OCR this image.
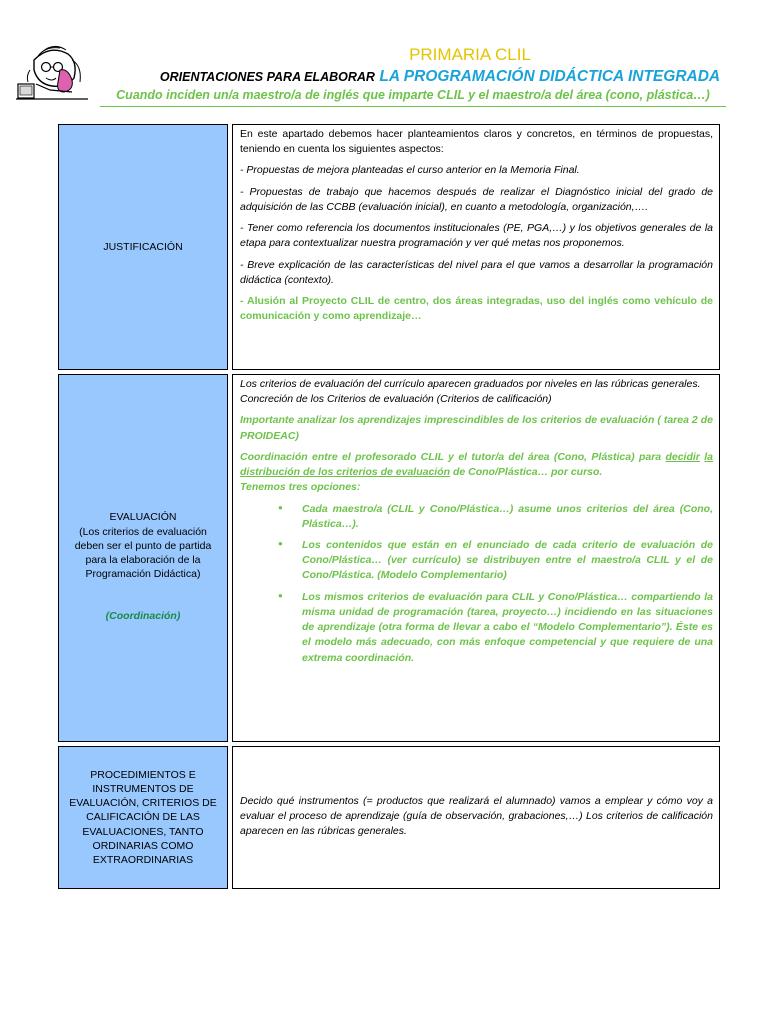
PRIMARIA CLIL
ORIENTACIONES PARA ELABORAR LA PROGRAMACIÓN DIDÁCTICA INTEGRADA
Cuando inciden un/a maestro/a de inglés que imparte CLIL y el maestro/a del área (cono, plástica…)
JUSTIFICACIÓN

En este apartado debemos hacer planteamientos claros y concretos, en términos de propuestas, teniendo en cuenta los siguientes aspectos:

- Propuestas de mejora planteadas el curso anterior en la Memoria Final.

- Propuestas de trabajo que hacemos después de realizar el Diagnóstico inicial del grado de adquisición de las CCBB (evaluación inicial), en cuanto a metodología, organización,….

- Tener como referencia los documentos institucionales (PE, PGA,…) y los objetivos generales de la etapa para contextualizar nuestra programación y ver qué metas nos proponemos.

- Breve explicación de las características del nivel para el que vamos a desarrollar la programación didáctica (contexto).

- Alusión al Proyecto CLIL de centro, dos áreas integradas, uso del inglés como vehículo de comunicación y como aprendizaje…

EVALUACIÓN
(Los criterios de evaluación deben ser el punto de partida para la elaboración de la Programación Didáctica)
(Coordinación)

Los criterios de evaluación del currículo aparecen graduados por niveles en las rúbricas generales.

Concreción de los Criterios de evaluación (Criterios de calificación)

Importante analizar los aprendizajes imprescindibles de los criterios de evaluación ( tarea 2 de PROIDEAC)

Coordinación entre el profesorado CLIL y el tutor/a del área (Cono, Plástica) para decidir la distribución de los criterios de evaluación de Cono/Plástica… por curso.
Tenemos tres opciones:

● Cada maestro/a (CLIL y Cono/Plástica…) asume unos criterios del área (Cono, Plástica…).
● Los contenidos que están en el enunciado de cada criterio de evaluación de Cono/Plástica… (ver currículo) se distribuyen entre el maestro/a CLIL y el de Cono/Plástica. (Modelo Complementario)
● Los mismos criterios de evaluación para CLIL y Cono/Plástica… compartiendo la misma unidad de programación (tarea, proyecto…) incidiendo en las situaciones de aprendizaje (otra forma de llevar a cabo el “Modelo Complementario”). Éste es el modelo más adecuado, con más enfoque competencial y que requiere de una extrema coordinación.
PROCEDIMIENTOS E INSTRUMENTOS DE EVALUACIÓN, CRITERIOS DE CALIFICACIÓN DE LAS EVALUACIONES, TANTO ORDINARIAS COMO EXTRAORDINARIAS

Decido qué instrumentos (= productos que realizará el alumnado) vamos a emplear y cómo voy a evaluar el proceso de aprendizaje (guía de observación, grabaciones,…) Los criterios de calificación aparecen en las rúbricas generales.
